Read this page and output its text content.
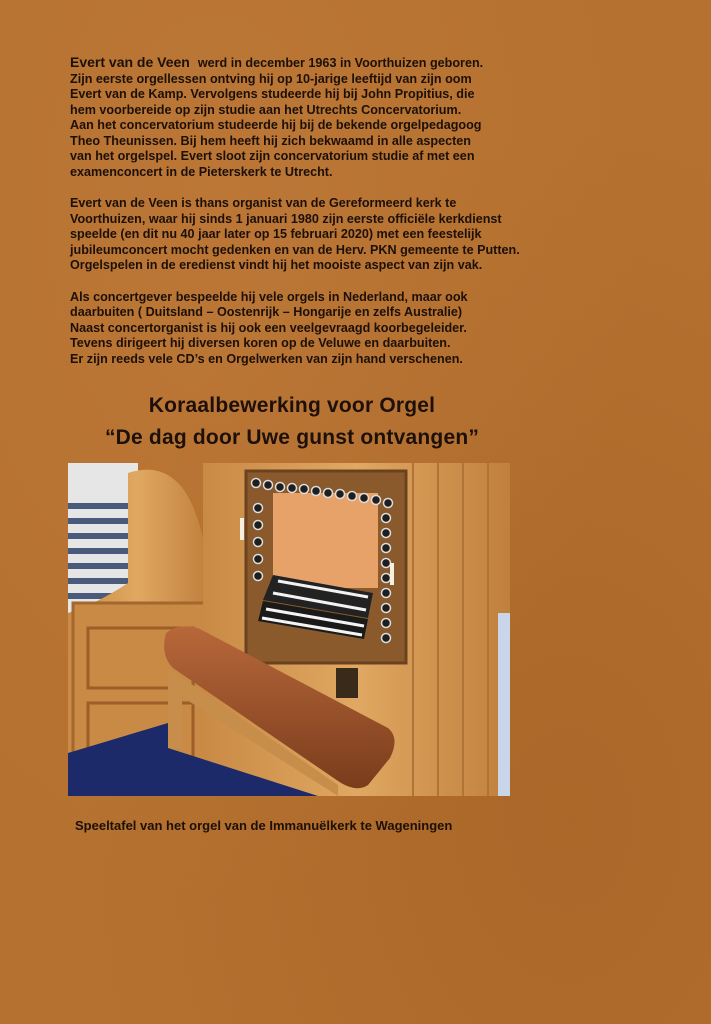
Evert van de Veen werd in december 1963 in Voorthuizen geboren.
Zijn eerste orgellessen ontving hij op 10-jarige leeftijd van zijn oom
Evert van de Kamp. Vervolgens studeerde hij bij John Propitius, die
hem voorbereide op zijn studie aan het Utrechts Concervatorium.
Aan het concervatorium studeerde hij bij de bekende orgelpedagoog
Theo Theunissen. Bij hem heeft hij zich bekwaamd in alle aspecten
van het orgelspel. Evert sloot zijn concervatorium studie af met een
examenconcert in de Pieterskerk te Utrecht.

Evert van de Veen is thans organist van de Gereformeerd kerk te
Voorthuizen, waar hij sinds 1 januari 1980 zijn eerste officiële kerkdienst
speelde (en dit nu 40 jaar later op 15 februari 2020) met een feestelijk
jubileumconcert mocht gedenken en van de Herv. PKN gemeente te Putten.
Orgelspelen in de eredienst vindt hij het mooiste aspect van zijn vak.

Als concertgever bespeelde hij vele orgels in Nederland, maar ook
daarbuiten ( Duitsland – Oostenrijk – Hongarije en zelfs Australie)
Naast concertorganist is hij ook een veelgevraagd koorbegeleider.
Tevens dirigeert hij diversen koren op de Veluwe en daarbuiten.
Er zijn reeds vele CD’s en Orgelwerken van zijn hand verschenen.

Koraalbewerking voor Orgel
“De dag door Uwe gunst ontvangen”
Speeltafel van het orgel van de Immanuëlkerk te Wageningen
